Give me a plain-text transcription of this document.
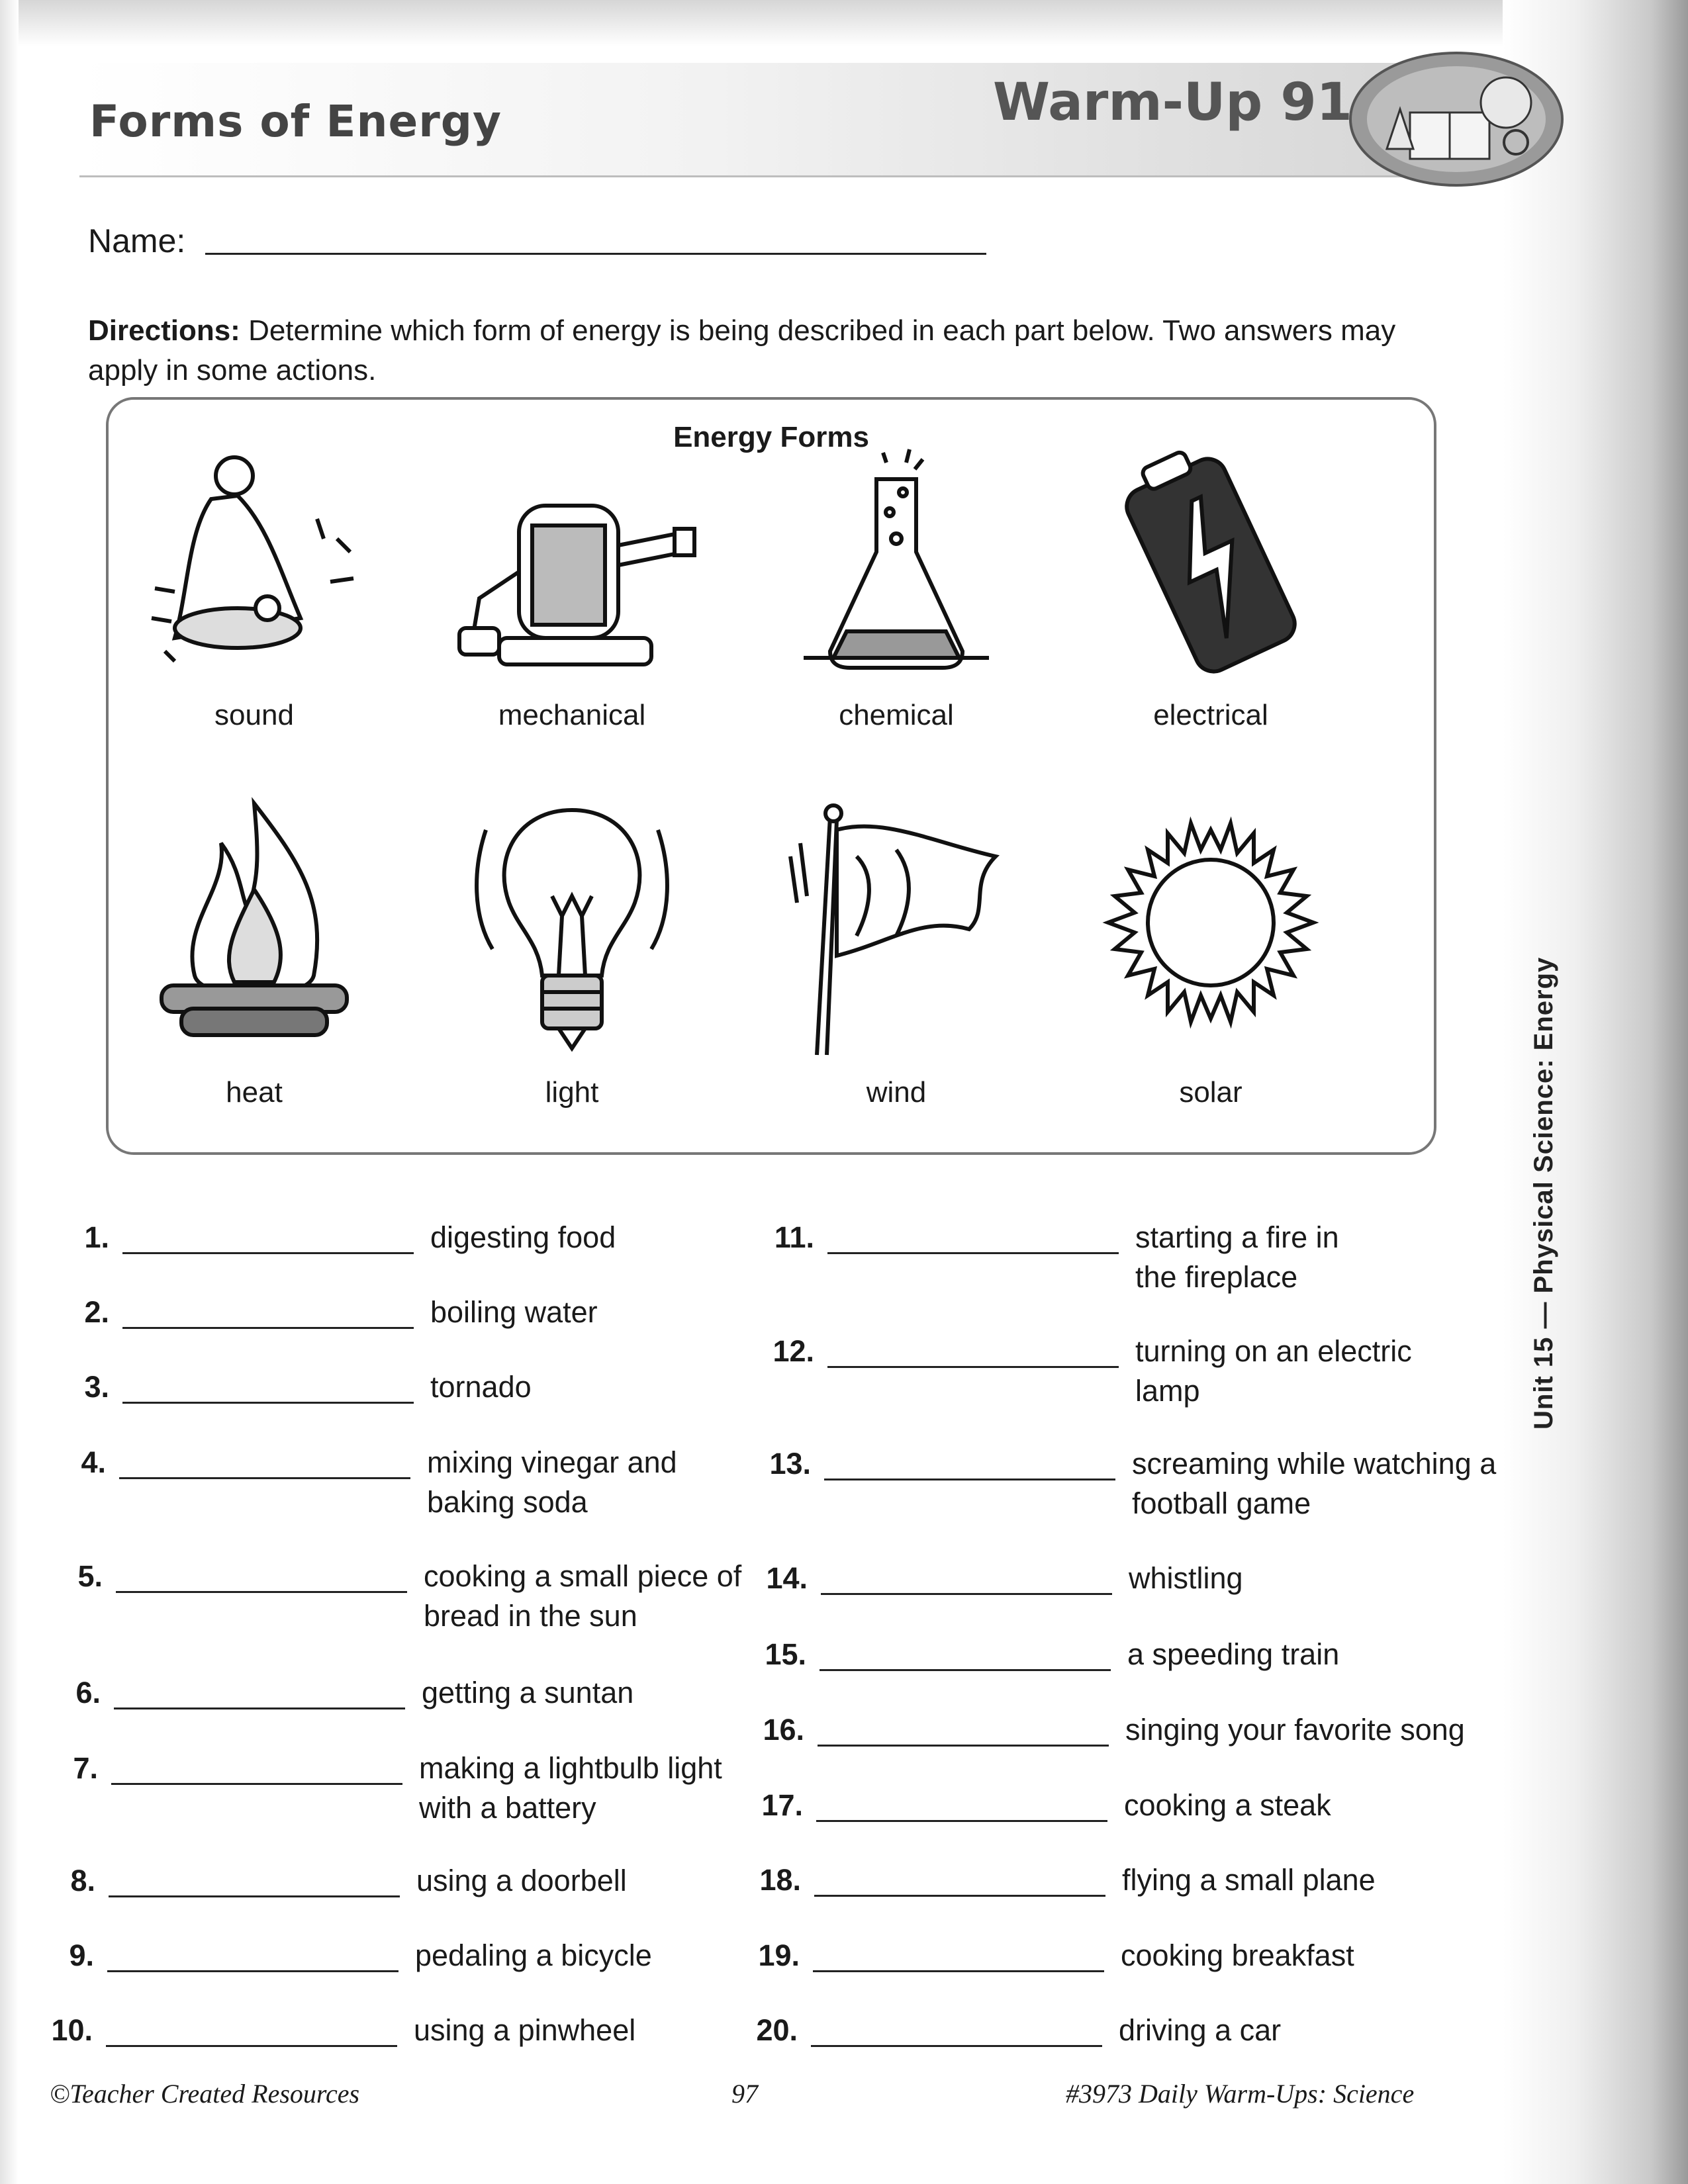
Forms of Energy	Warm-Up 91
Name:
Directions: Determine which form of energy is being described in each part below. Two answers may apply in some actions.
Energy Forms
sound	mechanical	chemical	electrical
heat	light	wind	solar
1.	digesting food
2.	boiling water
3.	tornado
4.	mixing vinegar and baking soda
5.	cooking a small piece of bread in the sun
6.	getting a suntan
7.	making a lightbulb light with a battery
8.	using a doorbell
9.	pedaling a bicycle
10.	using a pinwheel
11.	starting a fire in the fireplace
12.	turning on an electric lamp
13.	screaming while watching a football game
14.	whistling
15.	a speeding train
16.	singing your favorite song
17.	cooking a steak
18.	flying a small plane
19.	cooking breakfast
20.	driving a car
Unit 15 — Physical Science: Energy
©Teacher Created Resources	97	#3973 Daily Warm-Ups: Science
